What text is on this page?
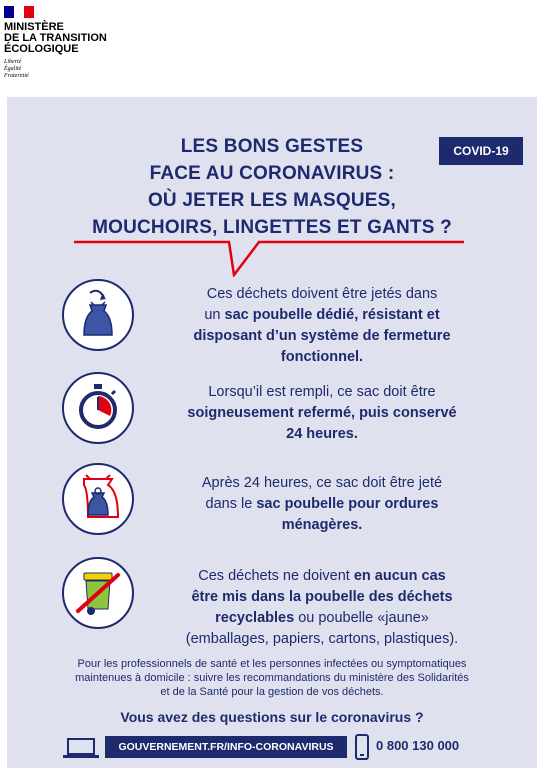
MINISTÈRE
DE LA TRANSITION
ÉCOLOGIQUE
Liberté
Égalité
Fraternité
COVID-19
LES BONS GESTES
FACE AU CORONAVIRUS :
OÙ JETER LES MASQUES,
MOUCHOIRS, LINGETTES ET GANTS ?
Ces déchets doivent être jetés dans
un sac poubelle dédié, résistant et
disposant d’un système de fermeture
fonctionnel.
Lorsqu’il est rempli, ce sac doit être
soigneusement refermé, puis conservé
24 heures.
Après 24 heures, ce sac doit être jeté
dans le sac poubelle pour ordures
ménagères.
Ces déchets ne doivent en aucun cas
être mis dans la poubelle des déchets
recyclables ou poubelle «jaune»
(emballages, papiers, cartons, plastiques).
Pour les professionnels de santé et les personnes infectées ou symptomatiques
maintenues à domicile : suivre les recommandations du ministère des Solidarités
et de la Santé pour la gestion de vos déchets.
Vous avez des questions sur le coronavirus ?
GOUVERNEMENT.FR/INFO-CORONAVIRUS	0 800 130 000
